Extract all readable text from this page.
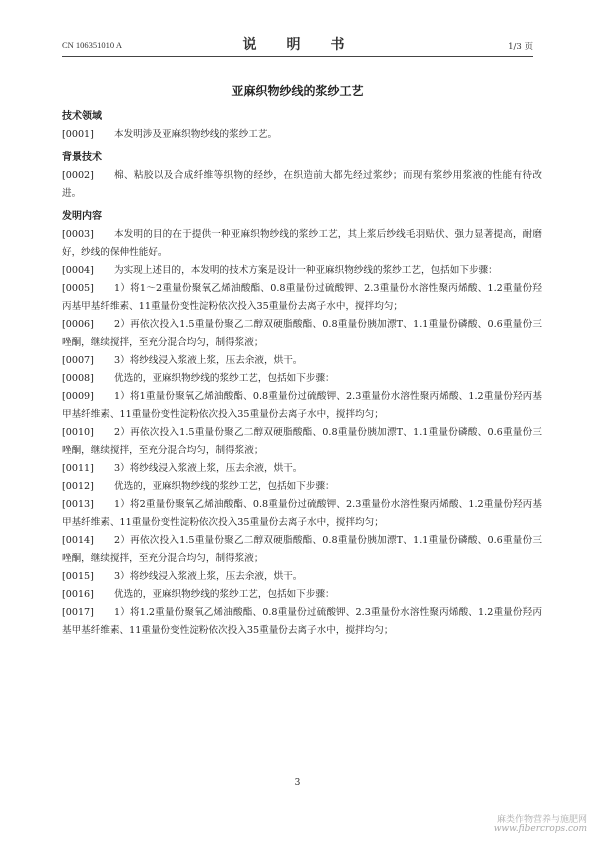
CN 106351010 A	说　明　书	1/3 页
亚麻织物纱线的浆纱工艺
技术领域
[0001]	本发明涉及亚麻织物纱线的浆纱工艺。
背景技术
[0002]	棉、粘胶以及合成纤维等织物的经纱，在织造前大都先经过浆纱；而现有浆纱用浆液的性能有待改进。
发明内容
[0003]	本发明的目的在于提供一种亚麻织物纱线的浆纱工艺，其上浆后纱线毛羽贴伏、强力显著提高，耐磨好，纱线的保伸性能好。
[0004]	为实现上述目的，本发明的技术方案是设计一种亚麻织物纱线的浆纱工艺，包括如下步骤：
[0005]	1）将1～2重量份聚氧乙烯油酸酯、0.8重量份过硫酸钾、2.3重量份水溶性聚丙烯酸、1.2重量份羟丙基甲基纤维素、11重量份变性淀粉依次投入35重量份去离子水中，搅拌均匀；
[0006]	2）再依次投入1.5重量份聚乙二醇双硬脂酸酯、0.8重量份胰加漂T、1.1重量份磷酸、0.6重量份三唑酮，继续搅拌，至充分混合均匀，制得浆液；
[0007]	3）将纱线浸入浆液上浆，压去余液，烘干。
[0008]	优选的，亚麻织物纱线的浆纱工艺，包括如下步骤：
[0009]	1）将1重量份聚氧乙烯油酸酯、0.8重量份过硫酸钾、2.3重量份水溶性聚丙烯酸、1.2重量份羟丙基甲基纤维素、11重量份变性淀粉依次投入35重量份去离子水中，搅拌均匀；
[0010]	2）再依次投入1.5重量份聚乙二醇双硬脂酸酯、0.8重量份胰加漂T、1.1重量份磷酸、0.6重量份三唑酮，继续搅拌，至充分混合均匀，制得浆液；
[0011]	3）将纱线浸入浆液上浆，压去余液，烘干。
[0012]	优选的，亚麻织物纱线的浆纱工艺，包括如下步骤：
[0013]	1）将2重量份聚氧乙烯油酸酯、0.8重量份过硫酸钾、2.3重量份水溶性聚丙烯酸、1.2重量份羟丙基甲基纤维素、11重量份变性淀粉依次投入35重量份去离子水中，搅拌均匀；
[0014]	2）再依次投入1.5重量份聚乙二醇双硬脂酸酯、0.8重量份胰加漂T、1.1重量份磷酸、0.6重量份三唑酮，继续搅拌，至充分混合均匀，制得浆液；
[0015]	3）将纱线浸入浆液上浆，压去余液，烘干。
[0016]	优选的，亚麻织物纱线的浆纱工艺，包括如下步骤：
[0017]	1）将1.2重量份聚氧乙烯油酸酯、0.8重量份过硫酸钾、2.3重量份水溶性聚丙烯酸、1.2重量份羟丙基甲基纤维素、11重量份变性淀粉依次投入35重量份去离子水中，搅拌均匀；
3
麻类作物营养与施肥网
www.fibercrops.com
